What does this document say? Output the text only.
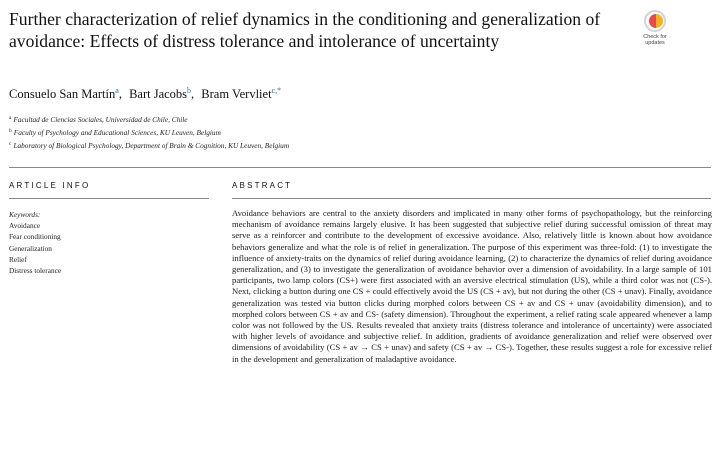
Further characterization of relief dynamics in the conditioning and generalization of avoidance: Effects of distress tolerance and intolerance of uncertainty	Check for
updates
Consuelo San Martín$^a$, Bart Jacobs$^b$, Bram Vervliet$^{c,*}$
$^a$ Facultad de Ciencias Sociales, Universidad de Chile, Chile
$^b$ Faculty of Psychology and Educational Sciences, KU Leuven, Belgium
$^c$ Laboratory of Biological Psychology, Department of Brain & Cognition, KU Leuven, Belgium
ARTICLE INFO	ABSTRACT
Keywords:
Avoidance
Fear conditioning
Generalization
Relief
Distress tolerance

Avoidance behaviors are central to the anxiety disorders and implicated in many other forms of psychopathology, but the reinforcing mechanism of avoidance remains largely elusive. It has been suggested that subjective relief during successful omission of threat may serve as a reinforcer and contribute to the development of excessive avoidance. Also, relatively little is known about how avoidance behaviors generalize and what the role is of relief in generalization. The purpose of this experiment was three-fold: (1) to investigate the influence of anxiety-traits on the dynamics of relief during avoidance learning, (2) to characterize the dynamics of relief during avoidance generalization, and (3) to investigate the generalization of avoidance behavior over a dimension of avoidability. In a large sample of 101 participants, two lamp colors (CS+) were first associated with an aversive electrical stimulation (US), while a third color was not (CS-). Next, clicking a button during one CS + could effectively avoid the US (CS + av), but not during the other (CS + unav). Finally, avoidance generalization was tested via button clicks during morphed colors between CS + av and CS + unav (avoidability dimension), and to morphed colors between CS + av and CS- (safety dimension). Throughout the experiment, a relief rating scale appeared whenever a lamp color was not followed by the US. Results revealed that anxiety traits (distress tolerance and intolerance of uncertainty) were associated with higher levels of avoidance and subjective relief. In addition, gradients of avoidance generalization and relief were observed over dimensions of avoidability (CS + av → CS + unav) and safety (CS + av → CS-). Together, these results suggest a role for excessive relief in the development and generalization of maladaptive avoidance.
